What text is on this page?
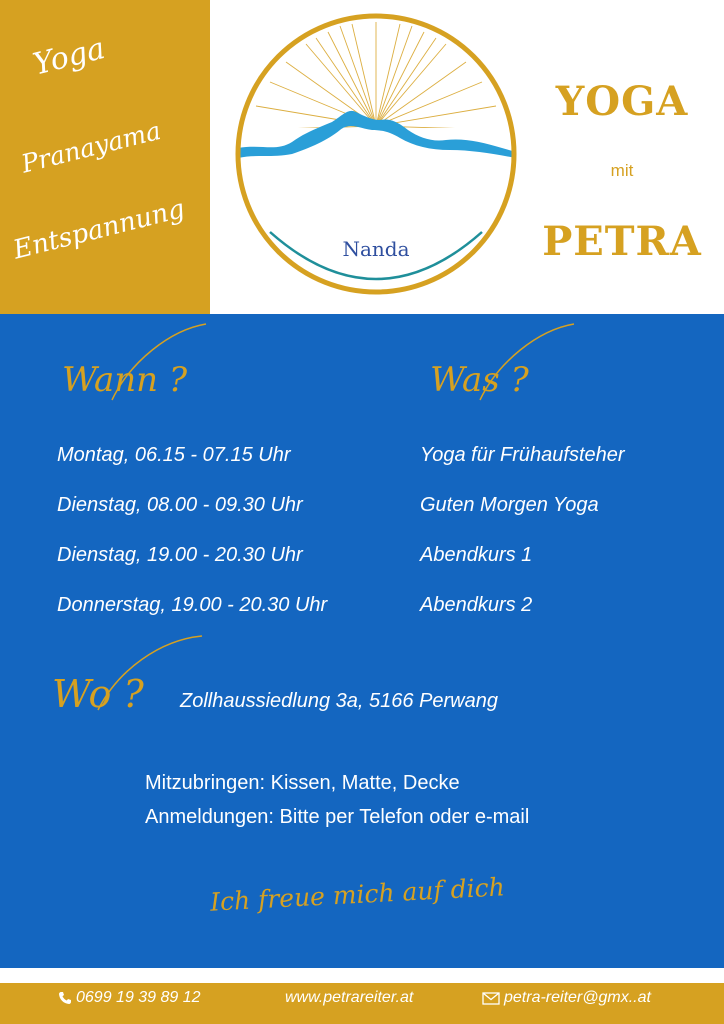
Yoga
Pranayama
Entspannung	Nanda
YOGA
mit
PETRA
Wann ?	Was ?
Montag, 06.15 - 07.15 Uhr	Yoga für Frühaufsteher
Dienstag, 08.00 - 09.30 Uhr	Guten Morgen Yoga
Dienstag, 19.00 - 20.30 Uhr	Abendkurs 1
Donnerstag, 19.00 - 20.30 Uhr	Abendkurs 2
Wo ? Zollhaussiedlung 3a, 5166 Perwang
Mitzubringen: Kissen, Matte, Decke
Anmeldungen: Bitte per Telefon oder e-mail
Ich freue mich auf dich
0699 19 39 89 12	www.petrareiter.at	petra-reiter@gmx..at
